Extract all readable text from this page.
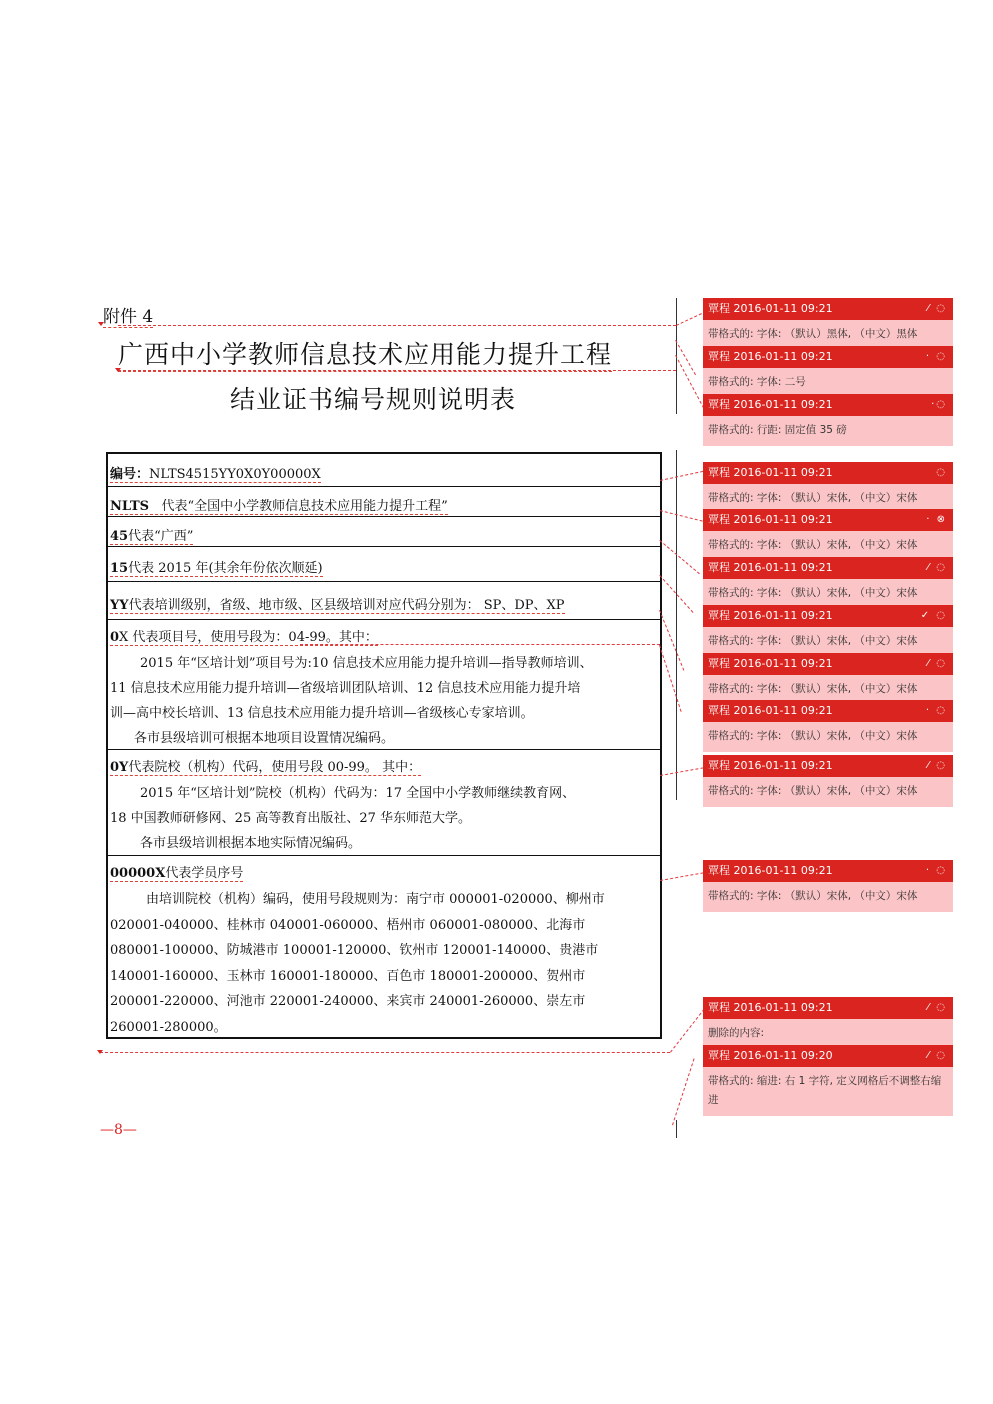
附件 4
广西中小学教师信息技术应用能力提升工程
结业证书编号规则说明表
编号：NLTS4515YY0X0Y00000X
NLTS 代表“全国中小学教师信息技术应用能力提升工程”
45代表“广西”
15代表 2015 年(其余年份依次顺延)
YY代表培训级别，省级、地市级、区县级培训对应代码分别为： SP、DP、XP
0X 代表项目号，使用号段为：04-99。其中：
2015 年“区培计划”项目号为:10 信息技术应用能力提升培训—指导教师培训、
11 信息技术应用能力提升培训—省级培训团队培训、12 信息技术应用能力提升培
训—高中校长培训、13 信息技术应用能力提升培训—省级核心专家培训。
各市县级培训可根据本地项目设置情况编码。
0Y代表院校（机构）代码，使用号段 00-99。 其中：
2015 年“区培计划”院校（机构）代码为：17 全国中小学教师继续教育网、
18 中国教师研修网、25 高等教育出版社、27 华东师范大学。
各市县级培训根据本地实际情况编码。
00000X代表学员序号
由培训院校（机构）编码，使用号段规则为：南宁市 000001-020000、柳州市
020001-040000、桂林市 040001-060000、梧州市 060001-080000、北海市
080001-100000、防城港市 100001-120000、钦州市 120001-140000、贵港市
140001-160000、玉林市 160001-180000、百色市 180001-200000、贺州市
200001-220000、河池市 220001-240000、来宾市 240001-260000、崇左市
260001-280000。
覃程 2016-01-11 09:21	⁄ ◌
带格式的: 字体: （默认）黑体, （中文）黑体
覃程 2016-01-11 09:21	· ◌
带格式的: 字体: 二号
覃程 2016-01-11 09:21	·◌
带格式的: 行距: 固定值 35 磅
覃程 2016-01-11 09:21	◌
带格式的: 字体: （默认）宋体, （中文）宋体
覃程 2016-01-11 09:21	· ⊗
带格式的: 字体: （默认）宋体, （中文）宋体
覃程 2016-01-11 09:21	⁄ ◌
带格式的: 字体: （默认）宋体, （中文）宋体
覃程 2016-01-11 09:21	✓ ◌
带格式的: 字体: （默认）宋体, （中文）宋体
覃程 2016-01-11 09:21	⁄ ◌
带格式的: 字体: （默认）宋体, （中文）宋体
覃程 2016-01-11 09:21	· ◌
带格式的: 字体: （默认）宋体, （中文）宋体
覃程 2016-01-11 09:21	⁄ ◌
带格式的: 字体: （默认）宋体, （中文）宋体
覃程 2016-01-11 09:21	· ◌
带格式的: 字体: （默认）宋体, （中文）宋体
覃程 2016-01-11 09:21	⁄ ◌
删除的内容:
覃程 2016-01-11 09:20	⁄ ◌
带格式的: 缩进: 右 1 字符, 定义网格后不调整右缩进
—8—
